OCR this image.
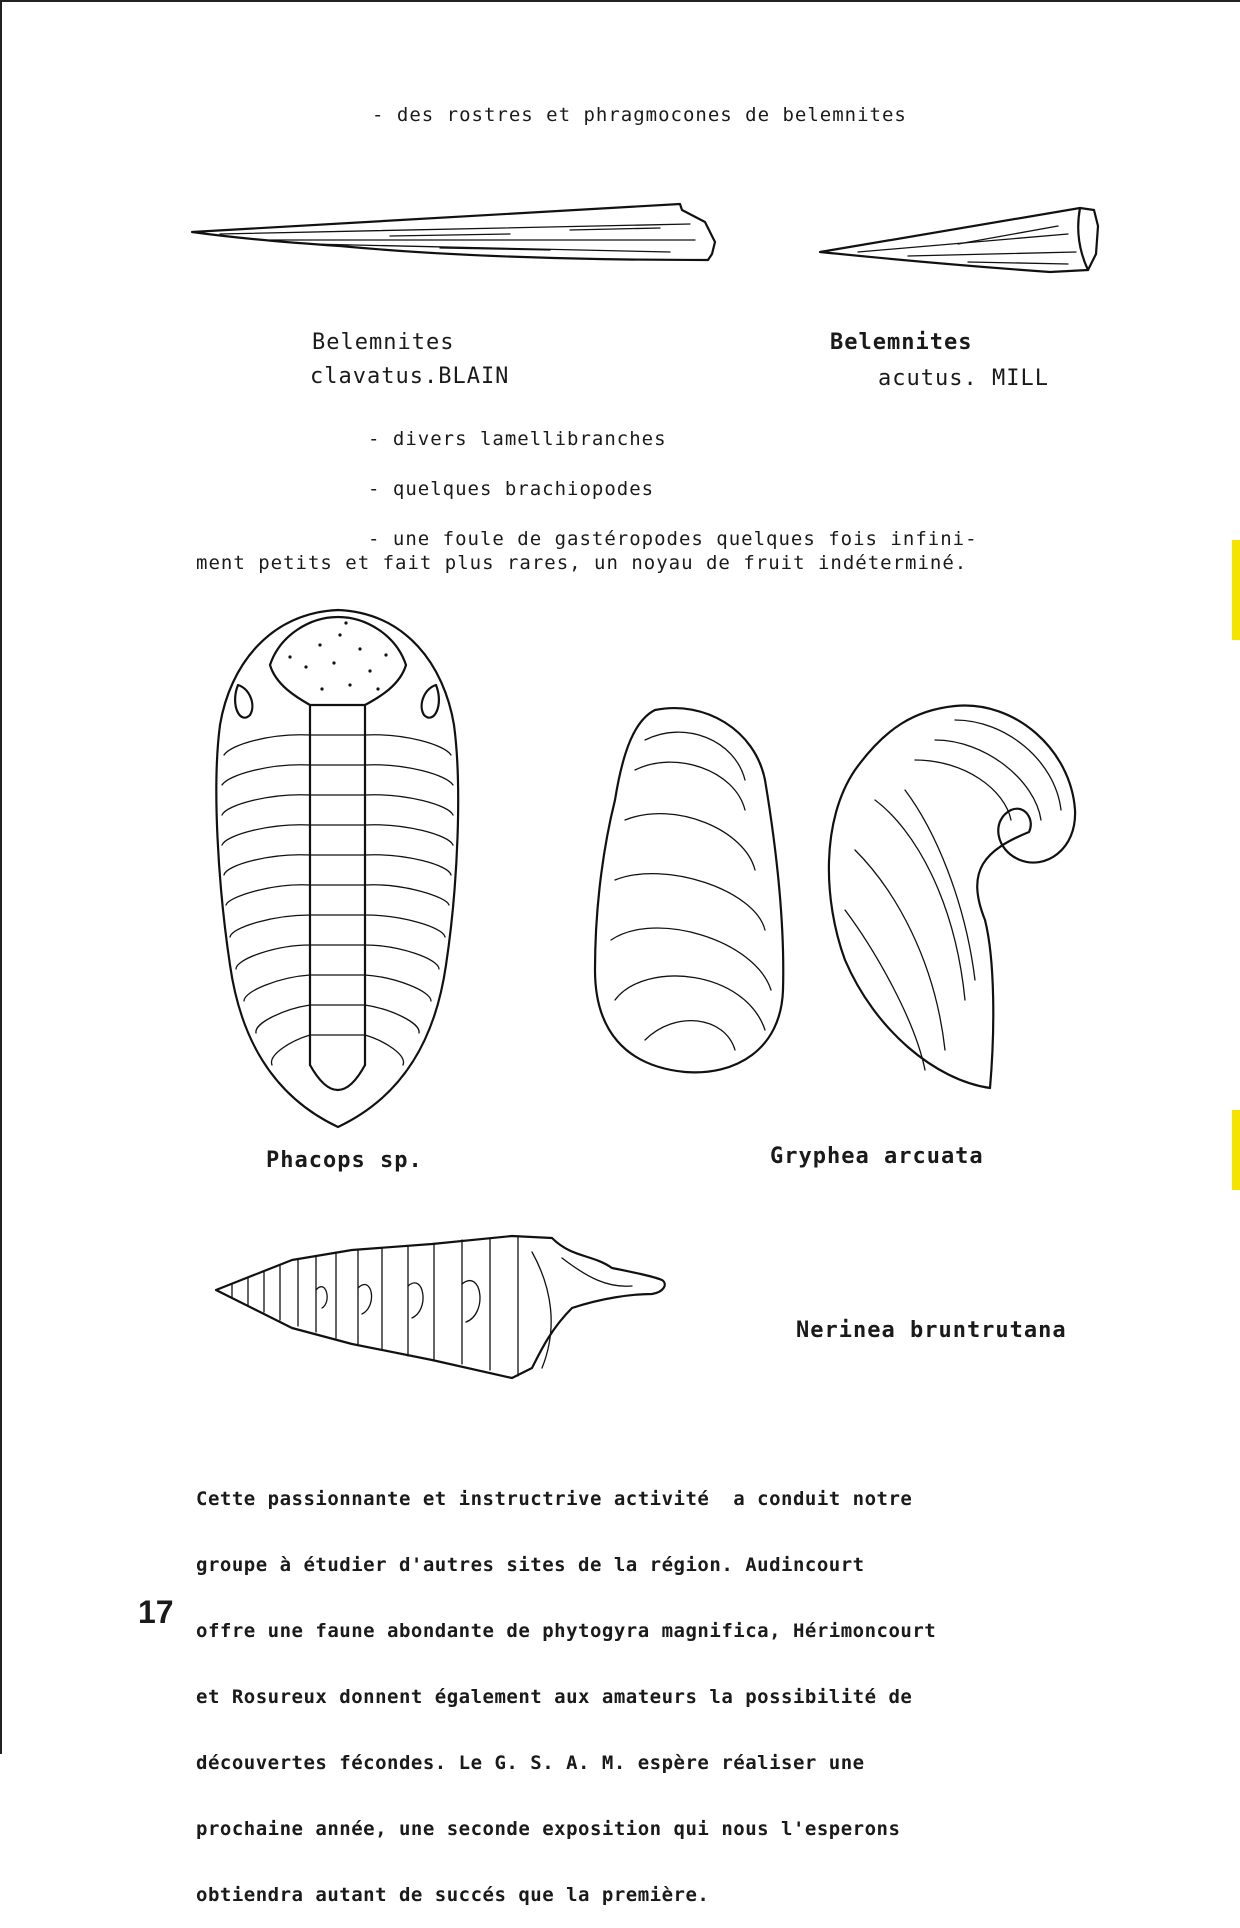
- des rostres et phragmocones de belemnites
Belemnites
clavatus.BLAIN
Belemnites
acutus. MILL
- divers lamellibranches
- quelques brachiopodes
- une foule de gastéropodes quelques fois infini-
ment petits et fait plus rares, un noyau de fruit indéterminé.
Phacops sp.	Gryphea arcuata
Nerinea bruntrutana

Cette passionnante et instructrive activité  a conduit notre

groupe à étudier d'autres sites de la région. Audincourt

offre une faune abondante de phytogyra magnifica, Hérimoncourt

et Rosureux donnent également aux amateurs la possibilité de

découvertes fécondes. Le G. S. A. M. espère réaliser une

prochaine année, une seconde exposition qui nous l'esperons

obtiendra autant de succés que la première.

17
